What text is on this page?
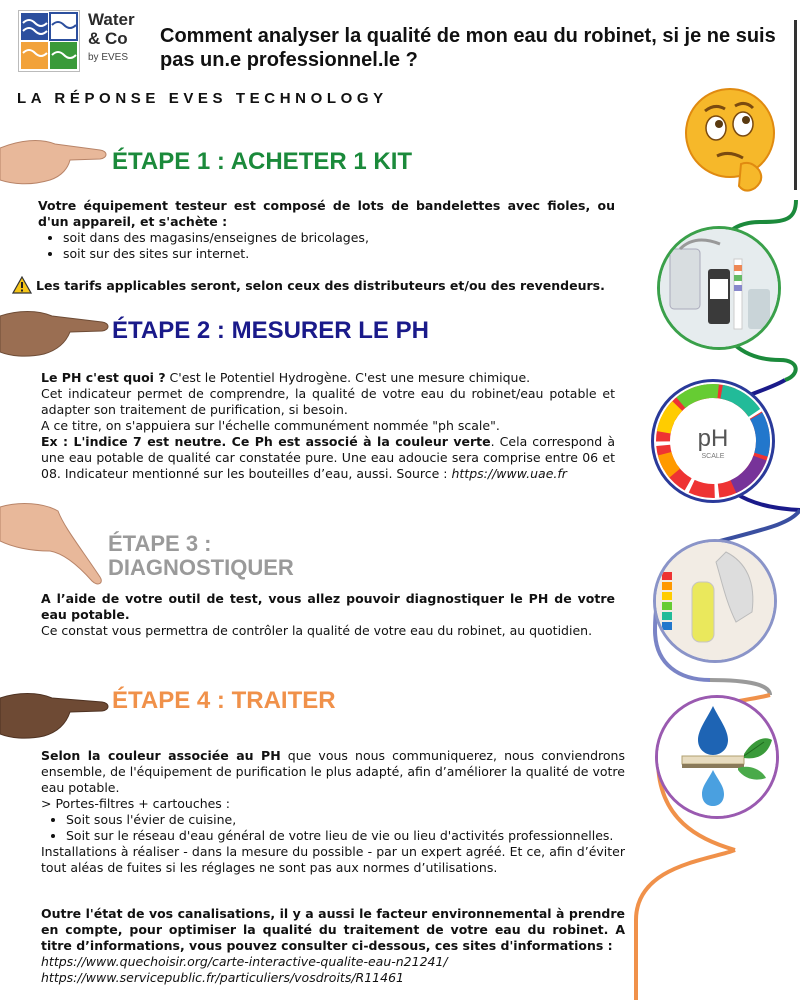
Water
& Co
by EVES
Comment analyser la qualité de mon eau du robinet, si je ne suis pas un.e professionnel.le ?
LA RÉPONSE EVES TECHNOLOGY
ÉTAPE 1 : ACHETER 1 KIT
Votre équipement testeur est composé de lots de bandelettes avec fioles, ou d'un appareil, et s'achète :
• soit dans des magasins/enseignes de bricolages,
• soit sur des sites sur internet.
Les tarifs applicables seront, selon ceux des distributeurs et/ou des revendeurs.
ÉTAPE 2 : MESURER LE PH
Le PH c'est quoi ? C'est le Potentiel Hydrogène. C'est une mesure chimique.
Cet indicateur permet de comprendre, la qualité de votre eau du robinet/eau potable et adapter son traitement de purification, si besoin.
A ce titre, on s'appuiera sur l'échelle communément nommée "ph scale".
Ex : L'indice 7 est neutre. Ce Ph est associé à la couleur verte. Cela correspond à une eau potable de qualité car constatée pure. Une eau adoucie sera comprise entre 06 et 08. Indicateur mentionné sur les bouteilles d’eau, aussi. Source : https://www.uae.fr
pH
SCALE
ÉTAPE 3 :
DIAGNOSTIQUER
A l’aide de votre outil de test, vous allez pouvoir diagnostiquer le PH de votre eau potable.
Ce constat vous permettra de contrôler la qualité de votre eau du robinet, au quotidien.
ÉTAPE 4 : TRAITER
Selon la couleur associée au PH que vous nous communiquerez, nous conviendrons ensemble, de l'équipement de purification le plus adapté, afin d’améliorer la qualité de votre eau potable.
> Portes-filtres + cartouches :
• Soit sous l'évier de cuisine,
• Soit sur le réseau d'eau général de votre lieu de vie ou lieu d'activités professionnelles.
Installations à réaliser - dans la mesure du possible - par un expert agréé. Et ce, afin d’éviter tout aléas de fuites si les réglages ne sont pas aux normes d’utilisations.
Outre l'état de vos canalisations, il y a aussi le facteur environnemental à prendre en compte, pour optimiser la qualité du traitement de votre eau du robinet. A titre d’informations, vous pouvez consulter ci-dessous, ces sites d'informations :
https://www.quechoisir.org/carte-interactive-qualite-eau-n21241/
https://www.servicepublic.fr/particuliers/vosdroits/R11461
